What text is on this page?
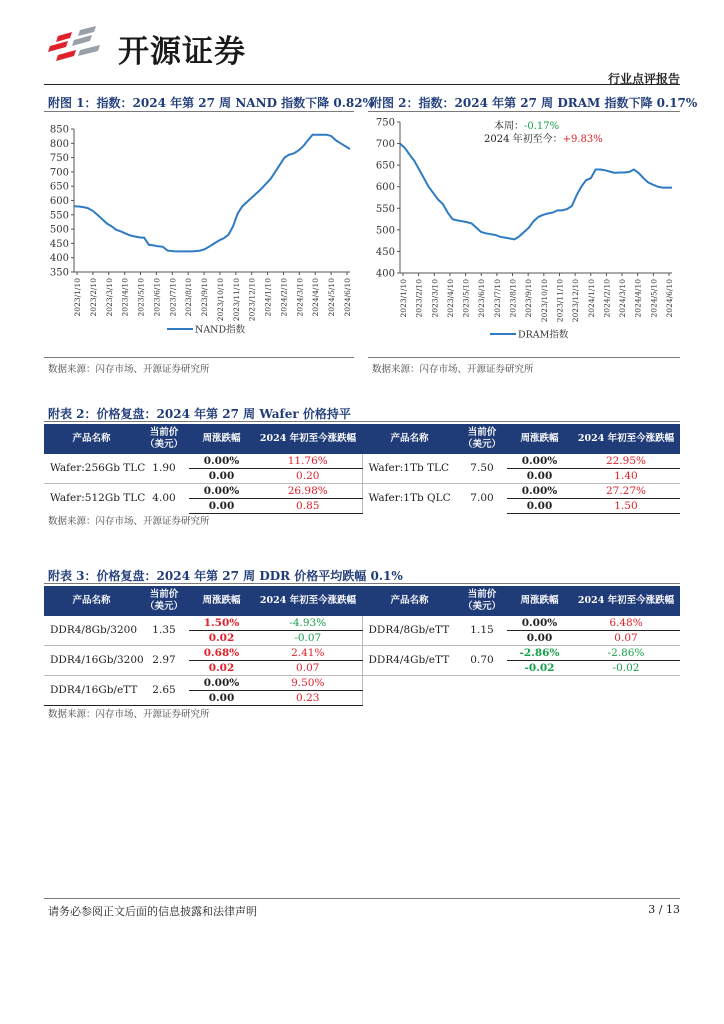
开源证券
行业点评报告
附图 1：指数：2024 年第 27 周 NAND 指数下降 0.82%
850
800
750
700
650
600
550
500
450
400
350
2023/1/10 2023/2/10 2023/3/10 2023/4/10 2023/5/10 2023/6/10 2023/7/10 2023/8/10 2023/9/10 2023/10/10 2023/11/10 2023/12/10 2024/1/10 2024/2/10 2024/3/10 2024/4/10 2024/5/10 2024/6/10
NAND指数
数据来源：闪存市场、开源证券研究所
附图 2：指数：2024 年第 27 周 DRAM 指数下降 0.17%
750
700
650
600
550
500
450
400
2023/1/10 2023/2/10 2023/3/10 2023/4/10 2023/5/10 2023/6/10 2023/7/10 2023/8/10 2023/9/10 2023/10/10 2023/11/10 2023/12/10 2024/1/10 2024/2/10 2024/3/10 2024/4/10 2024/5/10 2024/6/10
DRAM指数
本周：-0.17%
2024 年初至今：+9.83%
数据来源：闪存市场、开源证券研究所
附表 2：价格复盘：2024 年第 27 周 Wafer 价格持平
产品名称	当前价
（美元）	周涨跌幅	2024 年初至今涨跌幅	产品名称	当前价
（美元）	周涨跌幅	2024 年初至今涨跌幅
Wafer:256Gb TLC	1.90	0.00%	11.76%	Wafer:1Tb TLC	7.50	0.00%	22.95%
		0.00	0.20			0.00	1.40
Wafer:512Gb TLC	4.00	0.00%	26.98%	Wafer:1Tb QLC	7.00	0.00%	27.27%
		0.00	0.85			0.00	1.50
数据来源：闪存市场、开源证券研究所
附表 3：价格复盘：2024 年第 27 周 DDR 价格平均跌幅 0.1%
产品名称	当前价
（美元）	周涨跌幅	2024 年初至今涨跌幅	产品名称	当前价
（美元）	周涨跌幅	2024 年初至今涨跌幅
DDR4/8Gb/3200	1.35	1.50%	-4.93%	DDR4/8Gb/eTT	1.15	0.00%	6.48%
		0.02	-0.07			0.00	0.07
DDR4/16Gb/3200	2.97	0.68%	2.41%	DDR4/4Gb/eTT	0.70	-2.86%	-2.86%
		0.02	0.07			-0.02	-0.02
DDR4/16Gb/eTT	2.65	0.00%	9.50%				
		0.00	0.23				
数据来源：闪存市场、开源证券研究所
请务必参阅正文后面的信息披露和法律声明	3 / 13
